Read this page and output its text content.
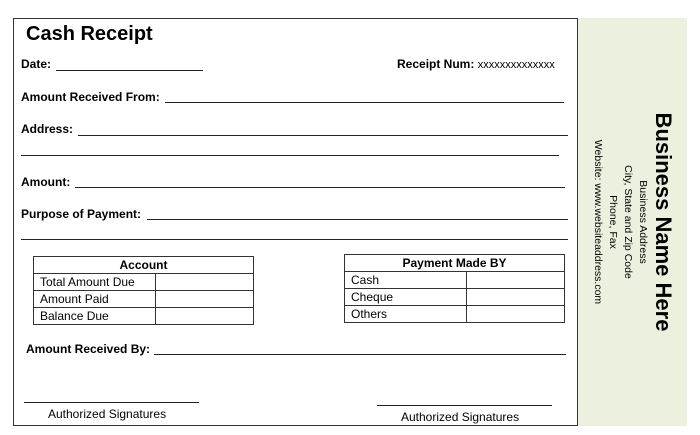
Cash Receipt
Date:	Receipt Num: xxxxxxxxxxxxxx
Amount Received From:
Address:
Amount:
Purpose of Payment:
Account	
Total Amount Due	
Amount Paid	
Balance Due	
Payment Made BY	
Cash	
Cheque	
Others	
Amount Received By:
Authorized Signatures	Authorized Signatures
Business Name Here
Business Address
City, State and Zip Code
Phone, Fax
Website: www.websiteaddress.com
